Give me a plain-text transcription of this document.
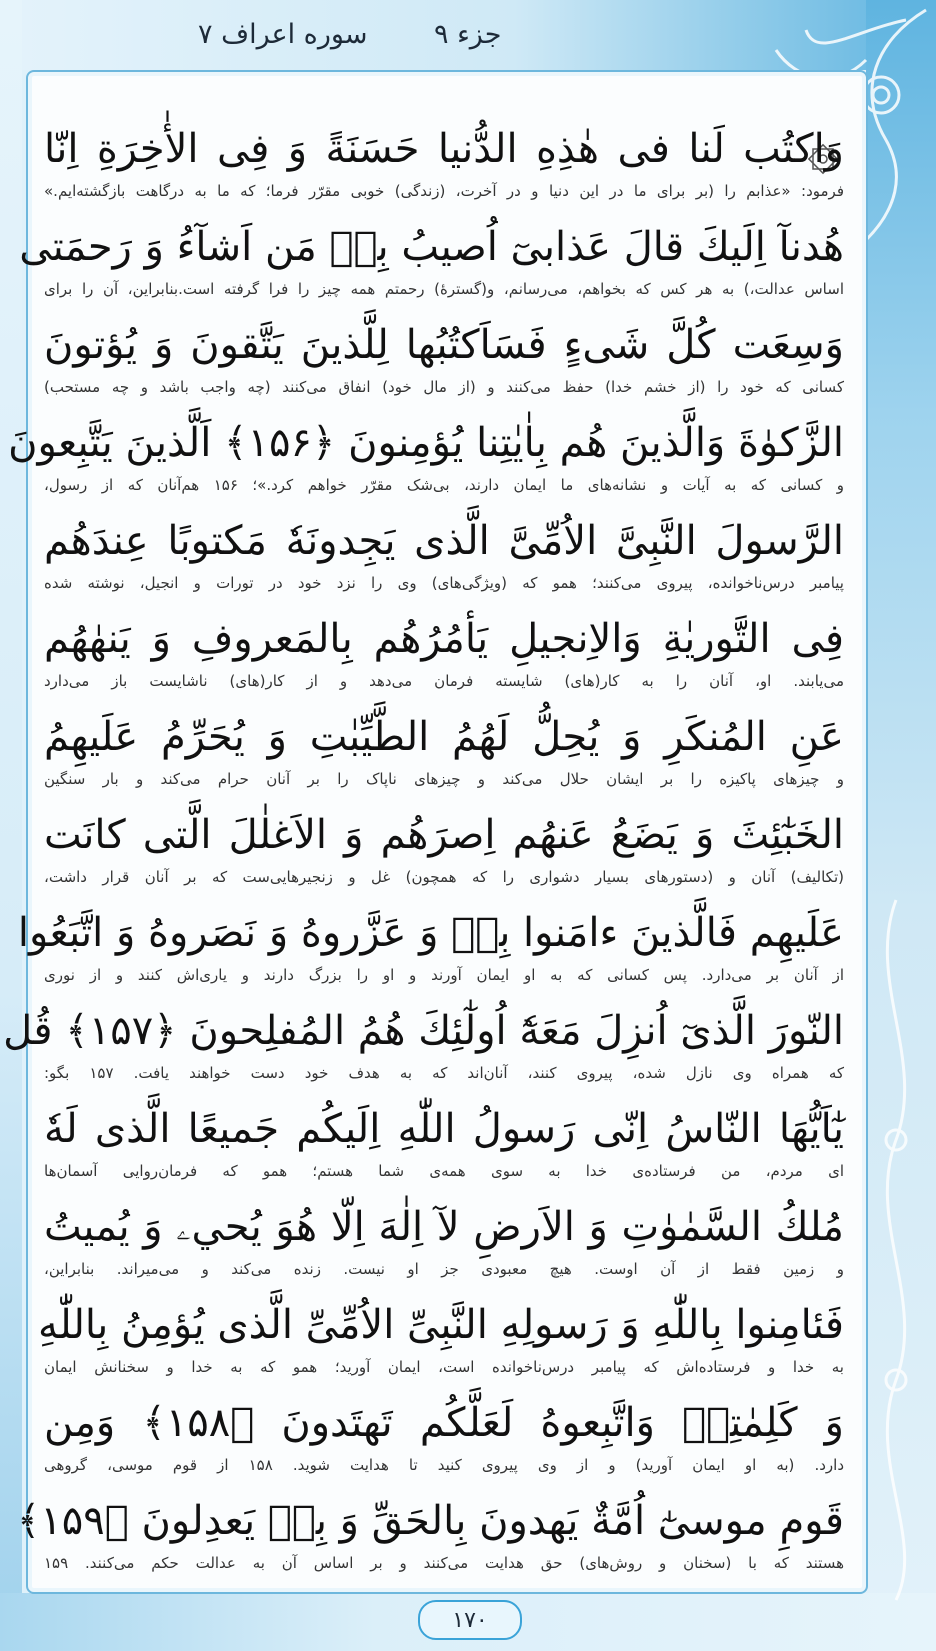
جزء ۹
سوره اعراف ۷
وَاكتُب لَنا فى هٰذِهِ الدُّنيا حَسَنَةً وَ فِى الأٰخِرَةِ اِنّا
فرمود: «عذابم را (بر برای ما در این دنیا و در آخرت، (زندگی) خوبی مقرّر فرما؛ که ما به درگاهت بازگشته‌ایم.»
هُدنآ اِلَيكَ قالَ عَذابىٓ اُصيبُ بِهٖ مَن اَشآءُ وَ رَحمَتى
اساس عدالت،) به هر کس که بخواهم، می‌رسانم، و(گسترهٔ) رحمتم همه چیز را فرا گرفته است.بنابراین، آن را برای
وَسِعَت كُلَّ شَىءٍ فَسَاَكتُبُها لِلَّذينَ يَتَّقونَ وَ يُؤتونَ
کسانی که خود را (از خشم خدا) حفظ می‌کنند و (از مال خود) انفاق می‌کنند (چه واجب باشد و چه مستحب)
الزَّكوٰةَ وَالَّذينَ هُم بِاٰيٰتِنا يُؤمِنونَ ﴿۱۵۶﴾ اَلَّذينَ يَتَّبِعونَ
و کسانی که به آیات و نشانه‌های ما ایمان دارند، بی‌شک مقرّر خواهم کرد.»؛ ۱۵۶ هم‌آنان که از رسول،
الرَّسولَ النَّبِىَّ الاُمِّىَّ الَّذى يَجِدونَهٗ مَكتوبًا عِندَهُم
پیامبر درس‌ناخوانده، پیروی می‌کنند؛ همو که (ویژگی‌های) وی را نزد خود در تورات و انجیل، نوشته شده
فِى التَّوريٰةِ وَالاِنجيلِ يَأمُرُهُم بِالمَعروفِ وَ يَنهٰهُم
می‌یابند. او، آنان را به کار(های) شایسته فرمان می‌دهد و از کار(های) ناشایست باز می‌دارد
عَنِ المُنكَرِ وَ يُحِلُّ لَهُمُ الطَّيِّبٰتِ وَ يُحَرِّمُ عَلَيهِمُ
و چیزهای پاکیزه را بر ایشان حلال می‌کند و چیزهای ناپاک را بر آنان حرام می‌کند و بار سنگین
الخَبٰٓئِثَ وَ يَضَعُ عَنهُم اِصرَهُم وَ الاَغلٰلَ الَّتى كانَت
(تکالیف) آنان و (دستورهای بسیار دشواری را که همچون) غل و زنجیرهایی‌ست که بر آنان قرار داشت،
عَلَيهِم فَالَّذينَ ءامَنوا بِهٖ وَ عَزَّروهُ وَ نَصَروهُ وَ اتَّبَعُوا
از آنان بر می‌دارد. پس کسانی که به او ایمان آورند و او را بزرگ دارند و یاری‌اش کنند و از نوری
النّورَ الَّذىٓ اُنزِلَ مَعَهٗٓ اُولٰٓئِكَ هُمُ المُفلِحونَ ﴿۱۵۷﴾ قُل
که همراه وی نازل شده، پیروی کنند، آنان‌اند که به هدف خود دست خواهند یافت. ۱۵۷ بگو:
يٰٓاَيُّهَا النّاسُ اِنّى رَسولُ اللّٰهِ اِلَيكُم جَميعًا الَّذى لَهٗ
ای مردم، من فرستاده‌ی خدا به سوی همه‌ی شما هستم؛ همو که فرمان‌روایی آسمان‌ها
مُلكُ السَّمٰوٰتِ وَ الاَرضِ لآ اِلٰهَ اِلّا هُوَ يُحيۦ وَ يُميتُ
و زمین فقط از آن اوست. هیچ معبودی جز او نیست. زنده می‌کند و می‌میراند. بنابراین،
فَئامِنوا بِاللّٰهِ وَ رَسولِهِ النَّبِىِّ الاُمِّىِّ الَّذى يُؤمِنُ بِاللّٰهِ
به خدا و فرستاده‌اش که پیامبر درس‌ناخوانده است، ایمان آورید؛ همو که به خدا و سخنانش ایمان
وَ كَلِمٰتِهٖ وَاتَّبِعوهُ لَعَلَّكُم تَهتَدونَ ﴿۱۵۸﴾ وَمِن
دارد. (به او ایمان آورید) و از وی پیروی کنید تا هدایت شوید. ۱۵۸ از قوم موسی، گروهی
قَومِ موسىٰٓ اُمَّةٌ يَهدونَ بِالحَقِّ وَ بِهٖ يَعدِلونَ ﴿۱۵۹﴾
هستند که با (سخنان و روش‌های) حق هدایت می‌کنند و بر اساس آن به عدالت حکم می‌کنند. ۱۵۹
۱۷۰
